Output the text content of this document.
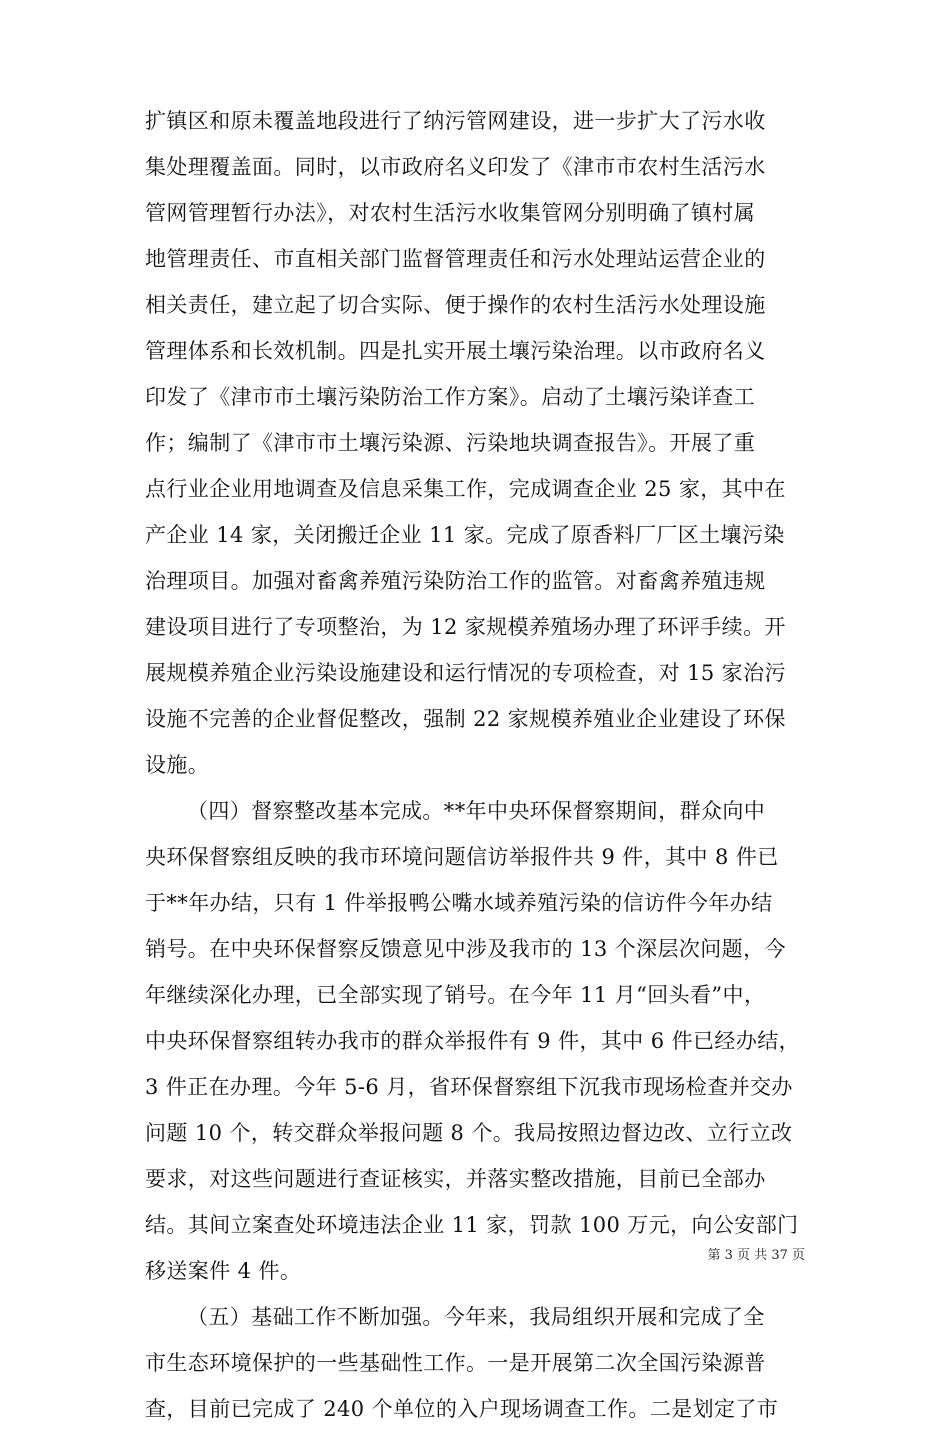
扩镇区和原未覆盖地段进行了纳污管网建设，进一步扩大了污水收
集处理覆盖面。同时，以市政府名义印发了《津市市农村生活污水
管网管理暂行办法》，对农村生活污水收集管网分别明确了镇村属
地管理责任、市直相关部门监督管理责任和污水处理站运营企业的
相关责任，建立起了切合实际、便于操作的农村生活污水处理设施
管理体系和长效机制。四是扎实开展土壤污染治理。以市政府名义
印发了《津市市土壤污染防治工作方案》。启动了土壤污染详查工
作；编制了《津市市土壤污染源、污染地块调查报告》。开展了重
点行业企业用地调查及信息采集工作，完成调查企业 25 家，其中在
产企业 14 家，关闭搬迁企业 11 家。完成了原香料厂厂区土壤污染
治理项目。加强对畜禽养殖污染防治工作的监管。对畜禽养殖违规
建设项目进行了专项整治，为 12 家规模养殖场办理了环评手续。开
展规模养殖企业污染设施建设和运行情况的专项检查，对 15 家治污
设施不完善的企业督促整改，强制 22 家规模养殖业企业建设了环保
设施。
（四）督察整改基本完成。**年中央环保督察期间，群众向中
央环保督察组反映的我市环境问题信访举报件共 9 件，其中 8 件已
于**年办结，只有 1 件举报鸭公嘴水域养殖污染的信访件今年办结
销号。在中央环保督察反馈意见中涉及我市的 13 个深层次问题，今
年继续深化办理，已全部实现了销号。在今年 11 月“回头看”中，
中央环保督察组转办我市的群众举报件有 9 件，其中 6 件已经办结，
3 件正在办理。今年 5-6 月，省环保督察组下沉我市现场检查并交办
问题 10 个，转交群众举报问题 8 个。我局按照边督边改、立行立改
要求，对这些问题进行查证核实，并落实整改措施，目前已全部办
结。其间立案查处环境违法企业 11 家，罚款 100 万元，向公安部门
移送案件 4 件。
（五）基础工作不断加强。今年来，我局组织开展和完成了全
市生态环境保护的一些基础性工作。一是开展第二次全国污染源普
查，目前已完成了 240 个单位的入户现场调查工作。二是划定了市
第 3 页 共 37 页
